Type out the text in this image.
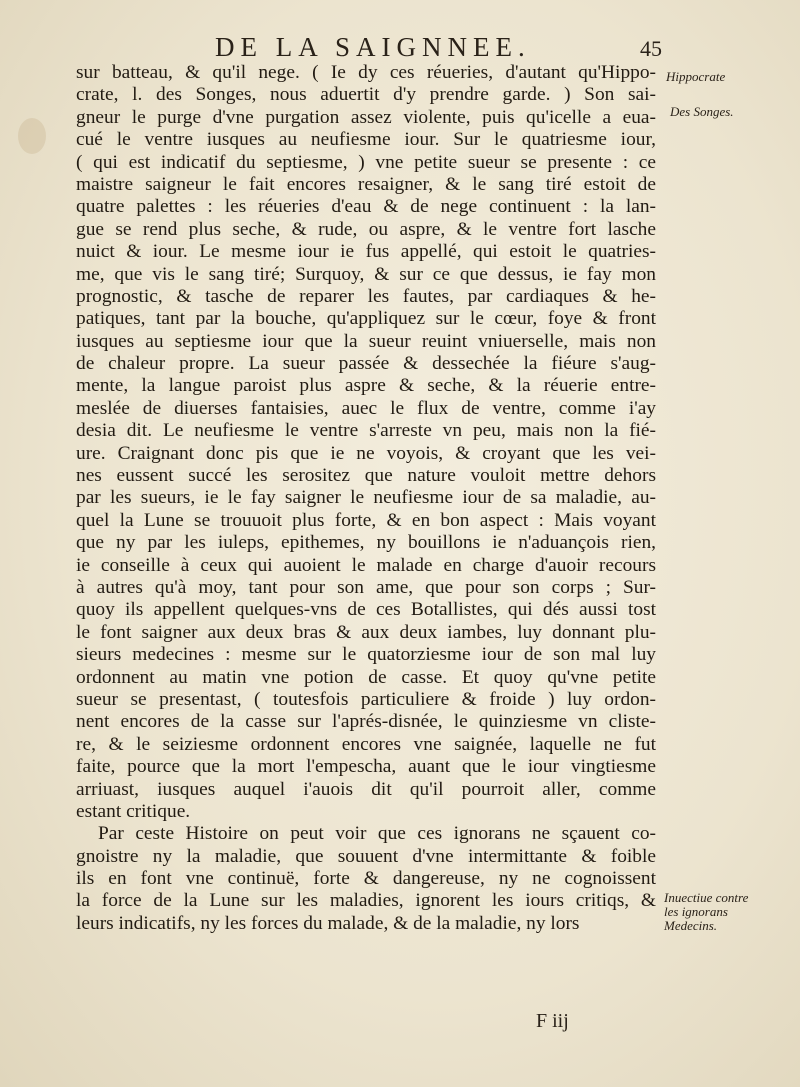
DE LA SAIGNNEE.	45
sur batteau, & qu'il nege. ( Ie dy ces réueries, d'autant qu'Hippo-
crate, l. des Songes, nous aduertit d'y prendre garde. ) Son sai-
gneur le purge d'vne purgation assez violente, puis qu'icelle a eua-
cué le ventre iusques au neufiesme iour. Sur le quatriesme iour,
( qui est indicatif du septiesme, ) vne petite sueur se presente : ce
maistre saigneur le fait encores resaigner, & le sang tiré estoit de
quatre palettes : les réueries d'eau & de nege continuent : la lan-
gue se rend plus seche, & rude, ou aspre, & le ventre fort lasche
nuict & iour. Le mesme iour ie fus appellé, qui estoit le quatries-
me, que vis le sang tiré; Surquoy, & sur ce que dessus, ie fay mon
prognostic, & tasche de reparer les fautes, par cardiaques & he-
patiques, tant par la bouche, qu'appliquez sur le cœur, foye & front
iusques au septiesme iour que la sueur reuint vniuerselle, mais non
de chaleur propre. La sueur passée & dessechée la fiéure s'aug-
mente, la langue paroist plus aspre & seche, & la réuerie entre-
meslée de diuerses fantaisies, auec le flux de ventre, comme i'ay
desia dit. Le neufiesme le ventre s'arreste vn peu, mais non la fié-
ure. Craignant donc pis que ie ne voyois, & croyant que les vei-
nes eussent succé les serositez que nature vouloit mettre dehors
par les sueurs, ie le fay saigner le neufiesme iour de sa maladie, au-
quel la Lune se trouuoit plus forte, & en bon aspect : Mais voyant
que ny par les iuleps, epithemes, ny bouillons ie n'aduançois rien,
ie conseille à ceux qui auoient le malade en charge d'auoir recours
à autres qu'à moy, tant pour son ame, que pour son corps ; Sur-
quoy ils appellent quelques-vns de ces Botallistes, qui dés aussi tost
le font saigner aux deux bras & aux deux iambes, luy donnant plu-
sieurs medecines : mesme sur le quatorziesme iour de son mal luy
ordonnent au matin vne potion de casse. Et quoy qu'vne petite
sueur se presentast, ( toutesfois particuliere & froide ) luy ordon-
nent encores de la casse sur l'aprés-disnée, le quinziesme vn cliste-
re, & le seiziesme ordonnent encores vne saignée, laquelle ne fut
faite, pource que la mort l'empescha, auant que le iour vingtiesme
arriuast, iusques auquel i'auois dit qu'il pourroit aller, comme
estant critique.
Par ceste Histoire on peut voir que ces ignorans ne sçauent co-
gnoistre ny la maladie, que souuent d'vne intermittante & foible
ils en font vne continuë, forte & dangereuse, ny ne cognoissent
la force de la Lune sur les maladies, ignorent les iours critiqs, &
leurs indicatifs, ny les forces du malade, & de la maladie, ny lors
Hippocrate
Des Songes.
Inuectiue contre les ignorans Medecins.
F iij
